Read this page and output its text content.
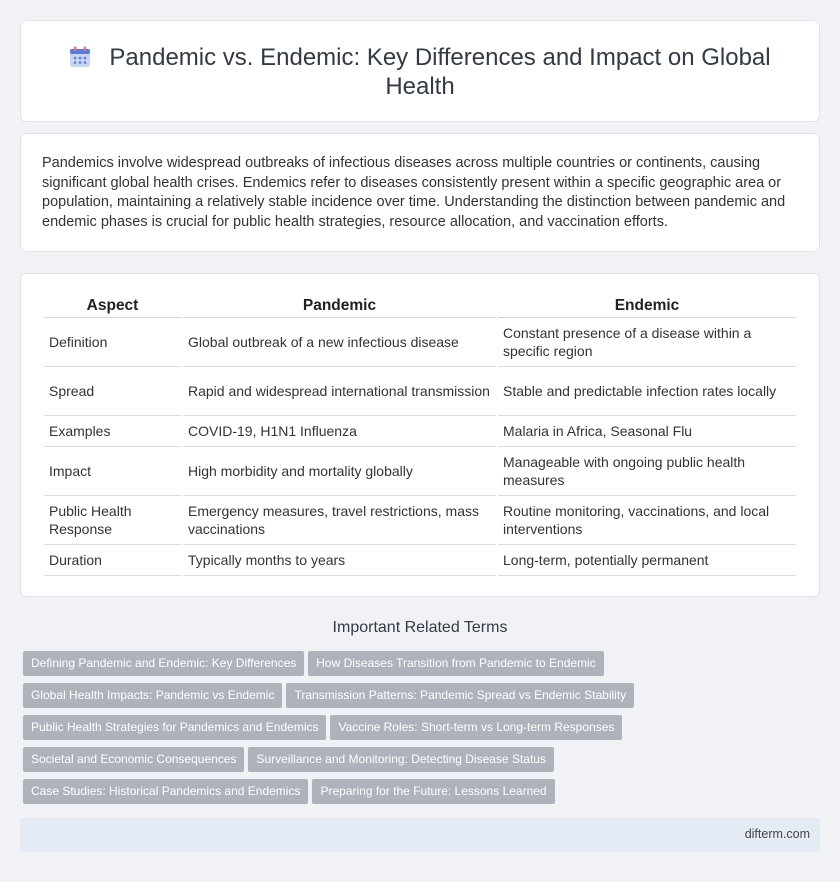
Pandemic vs. Endemic: Key Differences and Impact on Global Health

Pandemics involve widespread outbreaks of infectious diseases across multiple countries or continents, causing significant global health crises. Endemics refer to diseases consistently present within a specific geographic area or population, maintaining a relatively stable incidence over time. Understanding the distinction between pandemic and endemic phases is crucial for public health strategies, resource allocation, and vaccination efforts.

Aspect	Pandemic	Endemic
Definition	Global outbreak of a new infectious disease	Constant presence of a disease within a specific region
Spread	Rapid and widespread international transmission	Stable and predictable infection rates locally
Examples	COVID-19, H1N1 Influenza	Malaria in Africa, Seasonal Flu
Impact	High morbidity and mortality globally	Manageable with ongoing public health measures
Public Health Response	Emergency measures, travel restrictions, mass vaccinations	Routine monitoring, vaccinations, and local interventions
Duration	Typically months to years	Long-term, potentially permanent
Important Related Terms
Defining Pandemic and Endemic: Key Differences How Diseases Transition from Pandemic to Endemic
Global Health Impacts: Pandemic vs Endemic Transmission Patterns: Pandemic Spread vs Endemic Stability
Public Health Strategies for Pandemics and Endemics Vaccine Roles: Short-term vs Long-term Responses
Societal and Economic Consequences Surveillance and Monitoring: Detecting Disease Status
Case Studies: Historical Pandemics and Endemics Preparing for the Future: Lessons Learned
difterm.com
